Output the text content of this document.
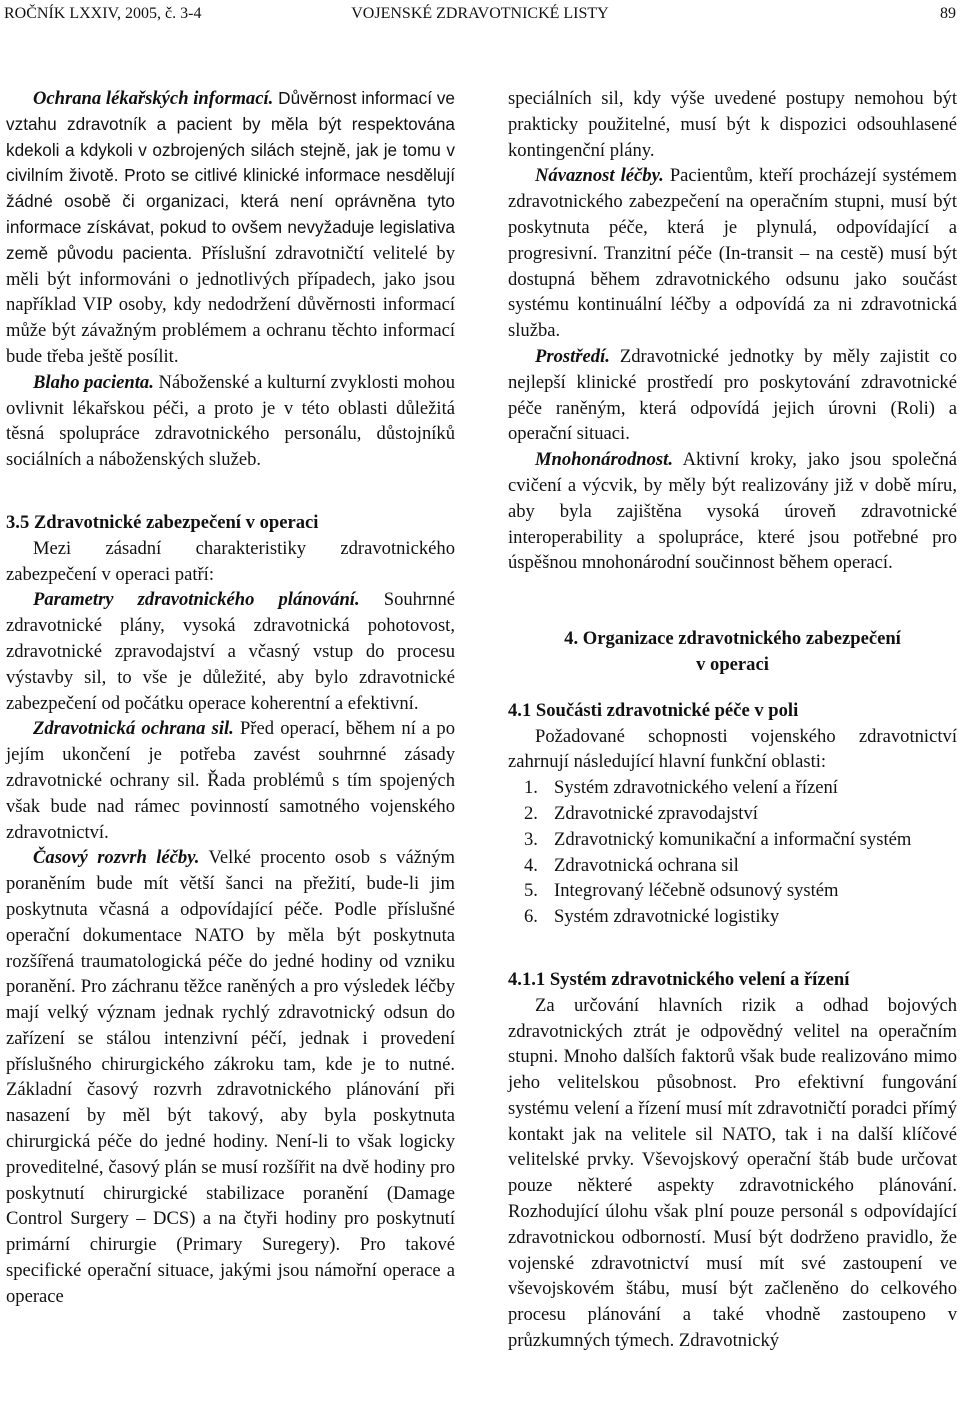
ROČNÍK LXXIV, 2005, č. 3-4	VOJENSKÉ ZDRAVOTNICKÉ LISTY	89

Ochrana lékařských informací. Důvěrnost informací ve vztahu zdravotník a pacient by měla být respektována kdekoli a kdykoli v ozbrojených silách stejně, jak je tomu v civilním životě. Proto se citlivé klinické informace nesdělují žádné osobě či organizaci, která není oprávněna tyto informace získávat, pokud to ovšem nevyžaduje legislativa země původu pacienta. Příslušní zdravotničtí velitelé by měli být informováni o jednotlivých případech, jako jsou například VIP osoby, kdy nedodržení důvěrnosti informací může být závažným problémem a ochranu těchto informací bude třeba ještě posílit.

Blaho pacienta. Náboženské a kulturní zvyklosti mohou ovlivnit lékařskou péči, a proto je v této oblasti důležitá těsná spolupráce zdravotnického personálu, důstojníků sociálních a náboženských služeb.

3.5 Zdravotnické zabezpečení v operaci

Mezi zásadní charakteristiky zdravotnického zabezpečení v operaci patří:

Parametry zdravotnického plánování. Souhrnné zdravotnické plány, vysoká zdravotnická pohotovost, zdravotnické zpravodajství a včasný vstup do procesu výstavby sil, to vše je důležité, aby bylo zdravotnické zabezpečení od počátku operace koherentní a efektivní.

Zdravotnická ochrana sil. Před operací, během ní a po jejím ukončení je potřeba zavést souhrnné zásady zdravotnické ochrany sil. Řada problémů s tím spojených však bude nad rámec povinností samotného vojenského zdravotnictví.

Časový rozvrh léčby. Velké procento osob s vážným poraněním bude mít větší šanci na přežití, bude-li jim poskytnuta včasná a odpovídající péče. Podle příslušné operační dokumentace NATO by měla být poskytnuta rozšířená traumatologická péče do jedné hodiny od vzniku poranění. Pro záchranu těžce raněných a pro výsledek léčby mají velký význam jednak rychlý zdravotnický odsun do zařízení se stálou intenzivní péčí, jednak i provedení příslušného chirurgického zákroku tam, kde je to nutné. Základní časový rozvrh zdravotnického plánování při nasazení by měl být takový, aby byla poskytnuta chirurgická péče do jedné hodiny. Není-li to však logicky proveditelné, časový plán se musí rozšířit na dvě hodiny pro poskytnutí chirurgické stabilizace poranění (Damage Control Surgery – DCS) a na čtyři hodiny pro poskytnutí primární chirurgie (Primary Suregery). Pro takové specifické operační situace, jakými jsou námořní operace a operace

speciálních sil, kdy výše uvedené postupy nemohou být prakticky použitelné, musí být k dispozici odsouhlasené kontingenční plány.

Návaznost léčby. Pacientům, kteří procházejí systémem zdravotnického zabezpečení na operačním stupni, musí být poskytnuta péče, která je plynulá, odpovídající a progresivní. Tranzitní péče (In-transit – na cestě) musí být dostupná během zdravotnického odsunu jako součást systému kontinuální léčby a odpovídá za ni zdravotnická služba.

Prostředí. Zdravotnické jednotky by měly zajistit co nejlepší klinické prostředí pro poskytování zdravotnické péče raněným, která odpovídá jejich úrovni (Roli) a operační situaci.

Mnohonárodnost. Aktivní kroky, jako jsou společná cvičení a výcvik, by měly být realizovány již v době míru, aby byla zajištěna vysoká úroveň zdravotnické interoperability a spolupráce, které jsou potřebné pro úspěšnou mnohonárodní součinnost během operací.

4. Organizace zdravotnického zabezpečení
v operaci
4.1 Součásti zdravotnické péče v poli

Požadované schopnosti vojenského zdravotnictví zahrnují následující hlavní funkční oblasti:

1. Systém zdravotnického velení a řízení
2. Zdravotnické zpravodajství
3. Zdravotnický komunikační a informační systém
4. Zdravotnická ochrana sil
5. Integrovaný léčebně odsunový systém
6. Systém zdravotnické logistiky
4.1.1 Systém zdravotnického velení a řízení

Za určování hlavních rizik a odhad bojových zdravotnických ztrát je odpovědný velitel na operačním stupni. Mnoho dalších faktorů však bude realizováno mimo jeho velitelskou působnost. Pro efektivní fungování systému velení a řízení musí mít zdravotničtí poradci přímý kontakt jak na velitele sil NATO, tak i na další klíčové velitelské prvky. Vševojskový operační štáb bude určovat pouze některé aspekty zdravotnického plánování. Rozhodující úlohu však plní pouze personál s odpovídající zdravotnickou odborností. Musí být dodrženo pravidlo, že vojenské zdravotnictví musí mít své zastoupení ve vševojskovém štábu, musí být začleněno do celkového procesu plánování a také vhodně zastoupeno v průzkumných týmech. Zdravotnický
